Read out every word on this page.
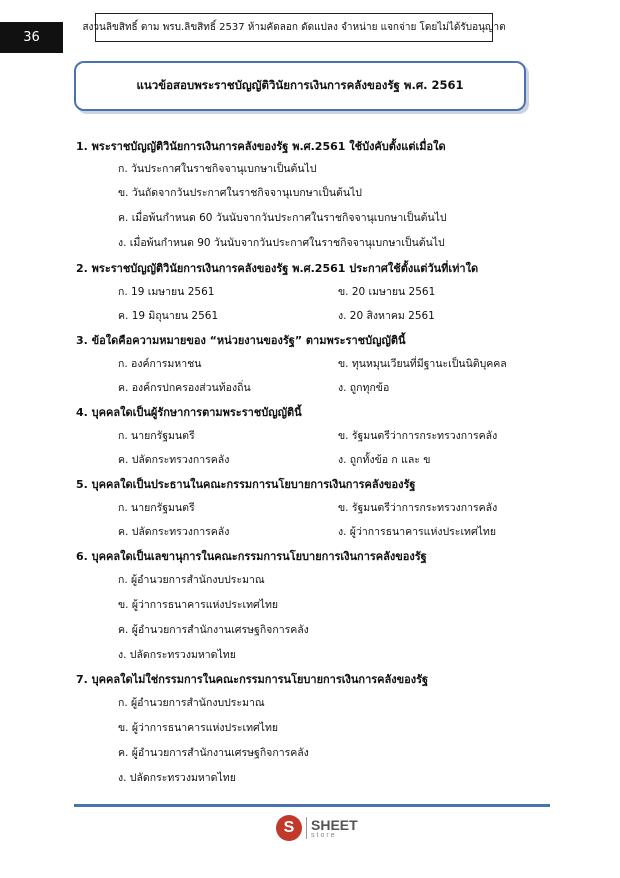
36
สงวนลิขสิทธิ์ ตาม พรบ.ลิขสิทธิ์ 2537 ห้ามคัดลอก ดัดแปลง จำหน่าย แจกจ่าย โดยไม่ได้รับอนุญาต
แนวข้อสอบพระราชบัญญัติวินัยการเงินการคลังของรัฐ พ.ศ. 2561
1. พระราชบัญญัติวินัยการเงินการคลังของรัฐ พ.ศ.2561 ใช้บังคับตั้งแต่เมื่อใด
ก. วันประกาศในราชกิจจานุเบกษาเป็นต้นไป
ข. วันถัดจากวันประกาศในราชกิจจานุเบกษาเป็นต้นไป
ค. เมื่อพ้นกำหนด 60 วันนับจากวันประกาศในราชกิจจานุเบกษาเป็นต้นไป
ง. เมื่อพ้นกำหนด 90 วันนับจากวันประกาศในราชกิจจานุเบกษาเป็นต้นไป
2. พระราชบัญญัติวินัยการเงินการคลังของรัฐ พ.ศ.2561 ประกาศใช้ตั้งแต่วันที่เท่าใด
ก. 19 เมษายน 2561	ข. 20 เมษายน 2561
ค. 19 มิถุนายน 2561	ง. 20 สิงหาคม 2561
3. ข้อใดคือความหมายของ “หน่วยงานของรัฐ” ตามพระราชบัญญัตินี้
ก. องค์การมหาชน	ข. ทุนหมุนเวียนที่มีฐานะเป็นนิติบุคคล
ค. องค์กรปกครองส่วนท้องถิ่น	ง. ถูกทุกข้อ
4. บุคคลใดเป็นผู้รักษาการตามพระราชบัญญัตินี้
ก. นายกรัฐมนตรี	ข. รัฐมนตรีว่าการกระทรวงการคลัง
ค. ปลัดกระทรวงการคลัง	ง. ถูกทั้งข้อ ก และ ข
5. บุคคลใดเป็นประธานในคณะกรรมการนโยบายการเงินการคลังของรัฐ
ก. นายกรัฐมนตรี	ข. รัฐมนตรีว่าการกระทรวงการคลัง
ค. ปลัดกระทรวงการคลัง	ง. ผู้ว่าการธนาคารแห่งประเทศไทย
6. บุคคลใดเป็นเลขานุการในคณะกรรมการนโยบายการเงินการคลังของรัฐ
ก. ผู้อำนวยการสำนักงบประมาณ
ข. ผู้ว่าการธนาคารแห่งประเทศไทย
ค. ผู้อำนวยการสำนักงานเศรษฐกิจการคลัง
ง. ปลัดกระทรวงมหาดไทย
7. บุคคลใดไม่ใช่กรรมการในคณะกรรมการนโยบายการเงินการคลังของรัฐ
ก. ผู้อำนวยการสำนักงบประมาณ
ข. ผู้ว่าการธนาคารแห่งประเทศไทย
ค. ผู้อำนวยการสำนักงานเศรษฐกิจการคลัง
ง. ปลัดกระทรวงมหาดไทย
S	SHEET
store
